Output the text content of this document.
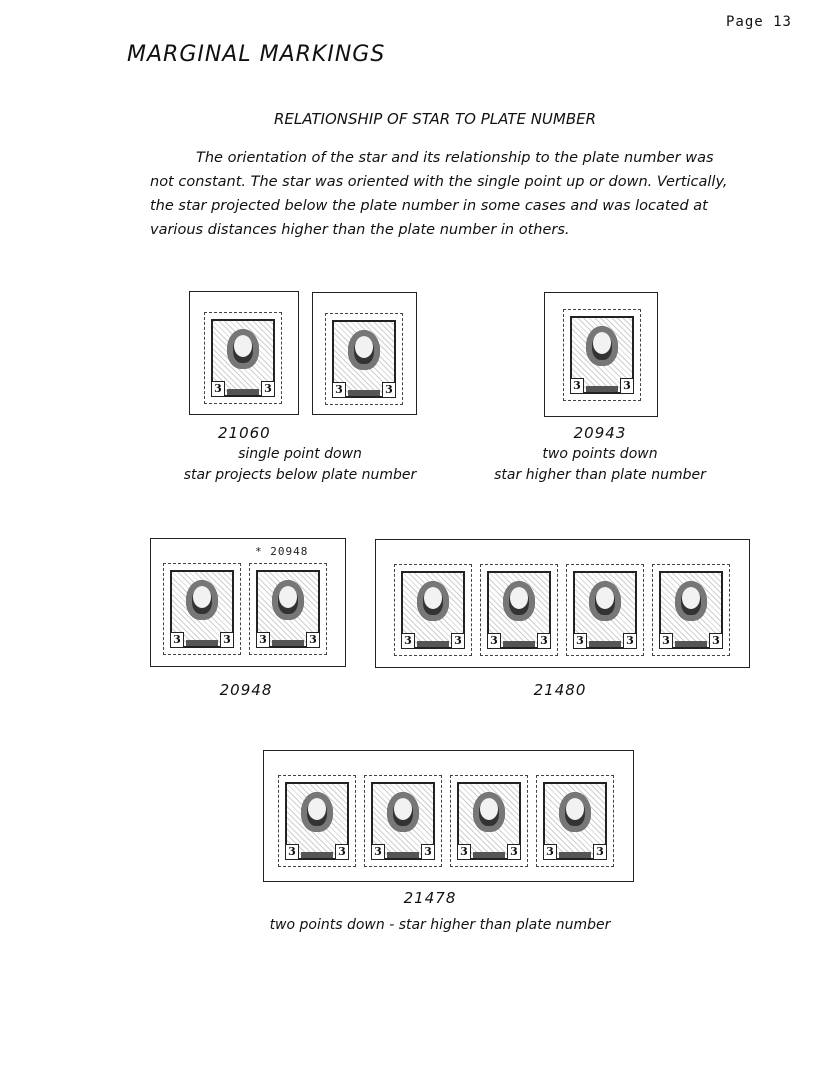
Page 13
MARGINAL MARKINGS
RELATIONSHIP OF STAR TO PLATE NUMBER
The orientation of the star and its relationship to the plate number was
not constant. The star was oriented with the single point up or down. Vertically,
the star projected below the plate number in some cases and was located at
various distances higher than the plate number in others.
3	3	3	3
21060
single point down
star projects below plate number
3	3
20943
two points down
star higher than plate number
* 20948
3	3	3	3
20948
3	3	3	3	3	3	3	3
21480
3	3	3	3	3	3	3	3
21478
two points down - star higher than plate number
